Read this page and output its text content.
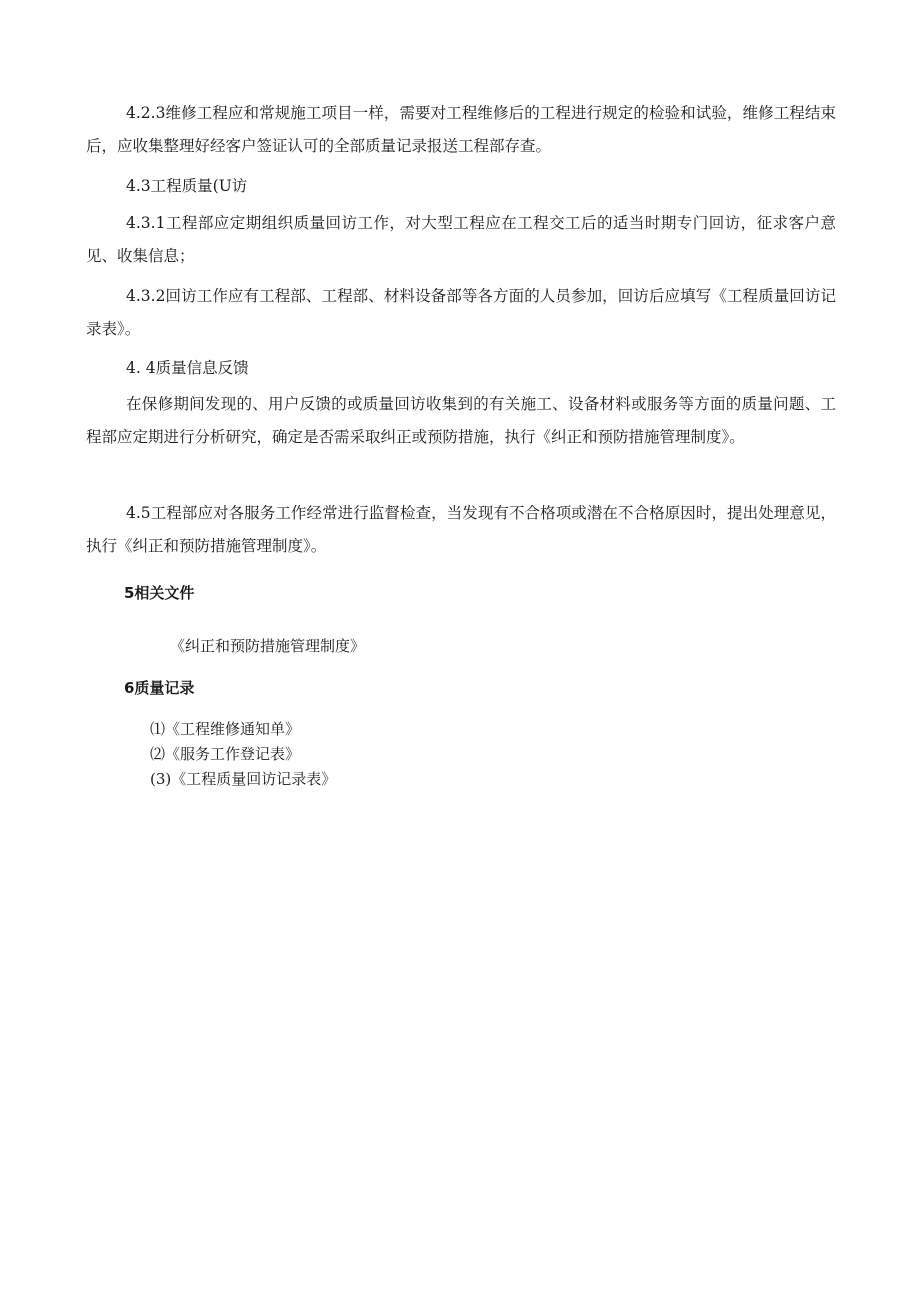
4.2.3维修工程应和常规施工项目一样，需要对工程维修后的工程进行规定的检验和试验，维修工程结束后，应收集整理好经客户签证认可的全部质量记录报送工程部存查。

4.3工程质量(U访

4.3.1工程部应定期组织质量回访工作，对大型工程应在工程交工后的适当时期专门回访，征求客户意见、收集信息；

4.3.2回访工作应有工程部、工程部、材料设备部等各方面的人员参加，回访后应填写《工程质量回访记录表》。

4. 4质量信息反馈

在保修期间发现的、用户反馈的或质量回访收集到的有关施工、设备材料或服务等方面的质量问题、工程部应定期进行分析研究，确定是否需采取纠正或预防措施，执行《纠正和预防措施管理制度》。

4.5工程部应对各服务工作经常进行监督检查，当发现有不合格项或潜在不合格原因时，提出处理意见，执行《纠正和预防措施管理制度》。

5相关文件

《纠正和预防措施管理制度》

6质量记录

⑴《工程维修通知单》

⑵《服务工作登记表》

(3)《工程质量回访记录表》
